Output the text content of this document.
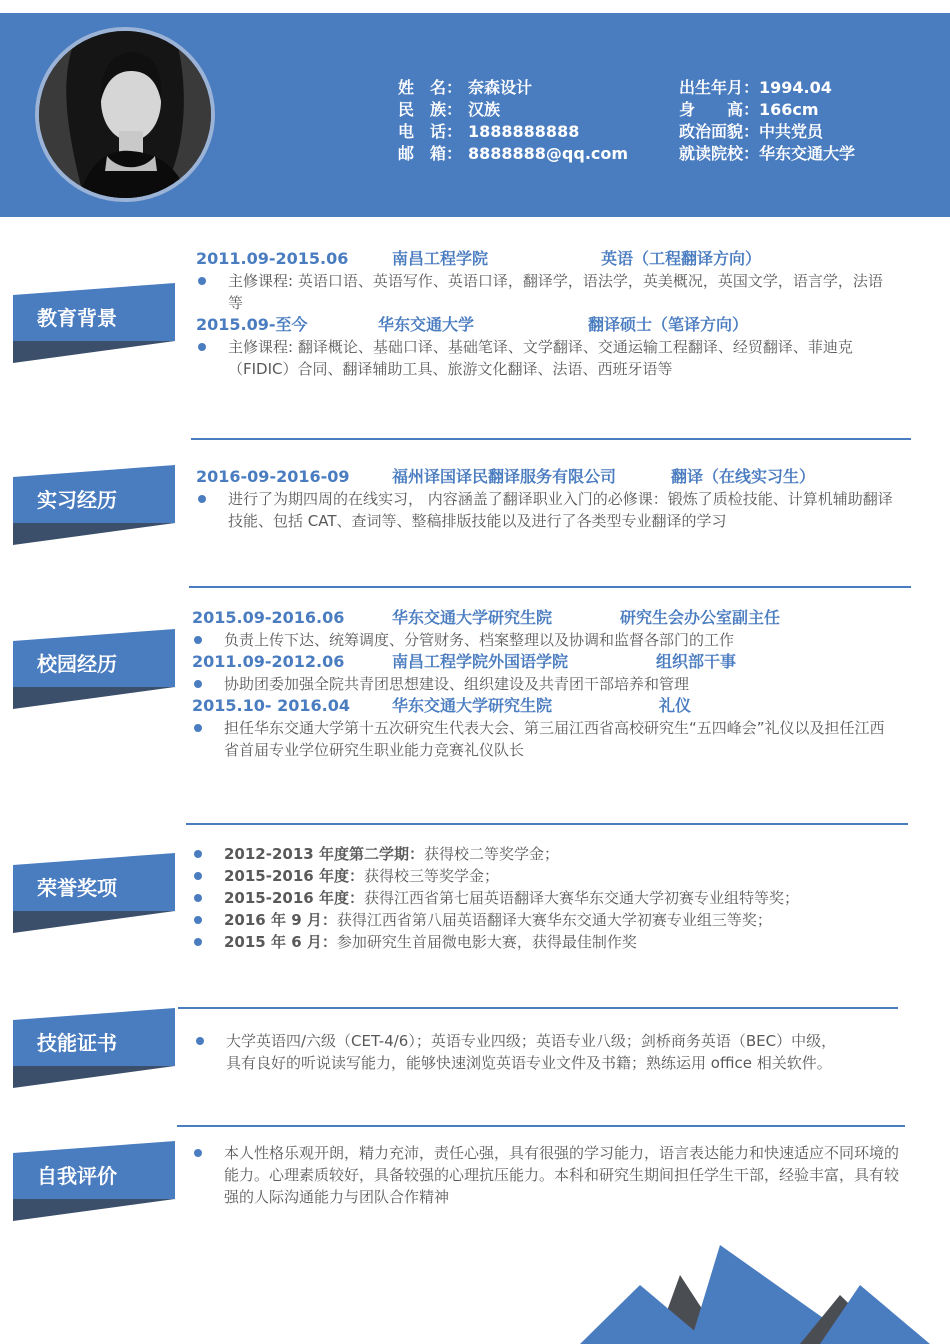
姓　名： 奈森设计
民　族： 汉族
电　话： 1888888888
邮　箱： 8888888@qq.com
出生年月： 1994.04
身　　高： 166cm
政治面貌： 中共党员
就读院校： 华东交通大学
教育背景
实习经历
校园经历
荣誉奖项
技能证书
自我评价
2011.09-2015.06	南昌工程学院	英语（工程翻译方向）
主修课程: 英语口语、英语写作、英语口译，翻译学，语法学，英美概况，英国文学，语言学，法语等
2015.09-至今	华东交通大学	翻译硕士（笔译方向）
主修课程: 翻译概论、基础口译、基础笔译、文学翻译、交通运输工程翻译、经贸翻译、菲迪克（FIDIC）合同、翻译辅助工具、旅游文化翻译、法语、西班牙语等
2016-09-2016-09	福州译国译民翻译服务有限公司	翻译（在线实习生）
进行了为期四周的在线实习， 内容涵盖了翻译职业入门的必修课：锻炼了质检技能、计算机辅助翻译技能、包括 CAT、查词等、整稿排版技能以及进行了各类型专业翻译的学习
2015.09-2016.06	华东交通大学研究生院	研究生会办公室副主任
负责上传下达、统筹调度、分管财务、档案整理以及协调和监督各部门的工作
2011.09-2012.06	南昌工程学院外国语学院	组织部干事
协助团委加强全院共青团思想建设、组织建设及共青团干部培养和管理
2015.10- 2016.04	华东交通大学研究生院	礼仪
担任华东交通大学第十五次研究生代表大会、第三届江西省高校研究生“五四峰会”礼仪以及担任江西省首届专业学位研究生职业能力竞赛礼仪队长
2012-2013 年度第二学期：获得校二等奖学金；
2015-2016 年度：获得校三等奖学金；
2015-2016 年度：获得江西省第七届英语翻译大赛华东交通大学初赛专业组特等奖；
2016 年 9 月：获得江西省第八届英语翻译大赛华东交通大学初赛专业组三等奖；
2015 年 6 月：参加研究生首届微电影大赛，获得最佳制作奖
大学英语四/六级（CET-4/6）；英语专业四级；英语专业八级；剑桥商务英语（BEC）中级，
具有良好的听说读写能力，能够快速浏览英语专业文件及书籍；熟练运用 office 相关软件。
本人性格乐观开朗，精力充沛，责任心强，具有很强的学习能力，语言表达能力和快速适应不同环境的能力。心理素质较好，具备较强的心理抗压能力。本科和研究生期间担任学生干部，经验丰富，具有较强的人际沟通能力与团队合作精神
